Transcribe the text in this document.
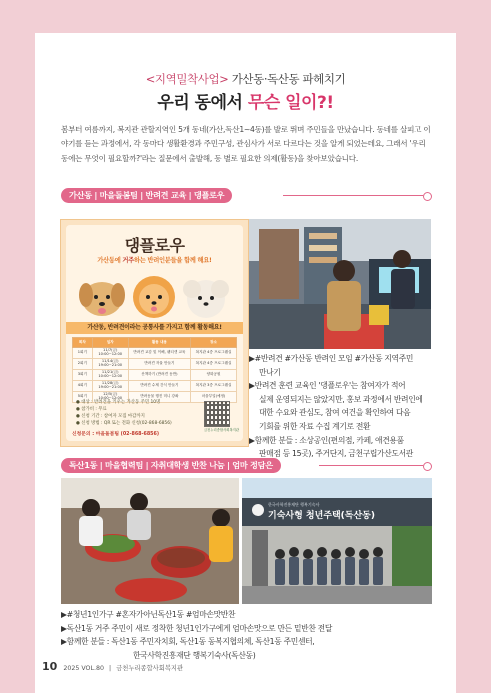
<지역밀착사업> 가산동·독산동 파헤치기
우리 동에서 무슨 일이?!
봄부터 여름까지, 복지관 관할지역인 5개 동네(가산,독산1~4동)를 발로 뛰며 주민들을 만났습니다. 동네를 살피고 이야기를 듣는 과정에서, 각 동마다 생활환경과 주민구성, 관심사가 서로 다르다는 것을 알게 되었는데요, 그래서 '우리 동에는 무엇이 필요할까?'라는 질문에서 출발해, 동 별로 필요한 의제(활동)을 찾아보았습니다.
가산동 | 마을돌봄팀 | 반려견 교육 | 댕플로우
댕플로우
가산동에 거주하는 반려인분들을 함께 해요!
가산동, 반려견이라는 공통사를 가지고 함께 활동해요!
회차	일자	활동 내용	장소
1회기	11/7(금) 10:00~12:00	반려견 교감 및 이해, 펫티켓 교육	복지관 4층 프로그램실
2회기	11/14(금) 19:00~21:00	반려견 자율 만들기	복지관 4층 프로그램실
3회기	11/21(금) 10:00~12:00	산책하기 (반려견 동반)	양화공원
4회기	11/28(금) 19:00~21:00	반려견 수제 간식 만들기	복지관 3층 프로그램실
5회기	12/5(금) 10:00~12:00	반려동물 행진 미니 강좌	마을부엌(예정)
● 대상 : 반려견을 키우는 가산동 주민 10명
● 참가비 : 무료
● 신청 기간 : 참여자 모집 마감까지
● 신청 방법 : QR 또는 전화 신청(02-868-6856)
금천누리종합사회복지관
신청문의 : 마을돌봄팀 (02-868-6856)
▶#반려견 #가산동 반려인 모임 #가산동 지역주민
만나기
▶반려견 훈련 교육인 '댕플로우'는 참여자가 적어
실제 운영되지는 않았지만, 홍보 과정에서 반려인에
대한 수요와 관심도, 참여 여건을 확인하여 다음
기회를 위한 자료 수집 계기로 전환
▶함께한 분들 : 소상공인(편의점, 카페, 애견용품
판매점 등 15곳), 주거단지, 금천구립가산도서관
독산1동 | 마을협력팀 | 자취대학생 반찬 나눔 | 엄마 정담은
한국사학진흥재단 행복기숙사
기숙사형 청년주택(독산동)
▶#청년1인가구 #혼자가아닌독산1동 #엄마손맛반찬
▶독산1동 거주 주민이 새로 정착한 청년1인가구에게 엄마손맛으로 만든 밑반찬 전달
▶함께한 분들 : 독산1동 주민자치회, 독산1동 동복지협의체, 독산1동 주민센터,
한국사학진흥재단 행복기숙사(독산동)
10 2025 VOL.80 | 금천누리종합사회복지관
